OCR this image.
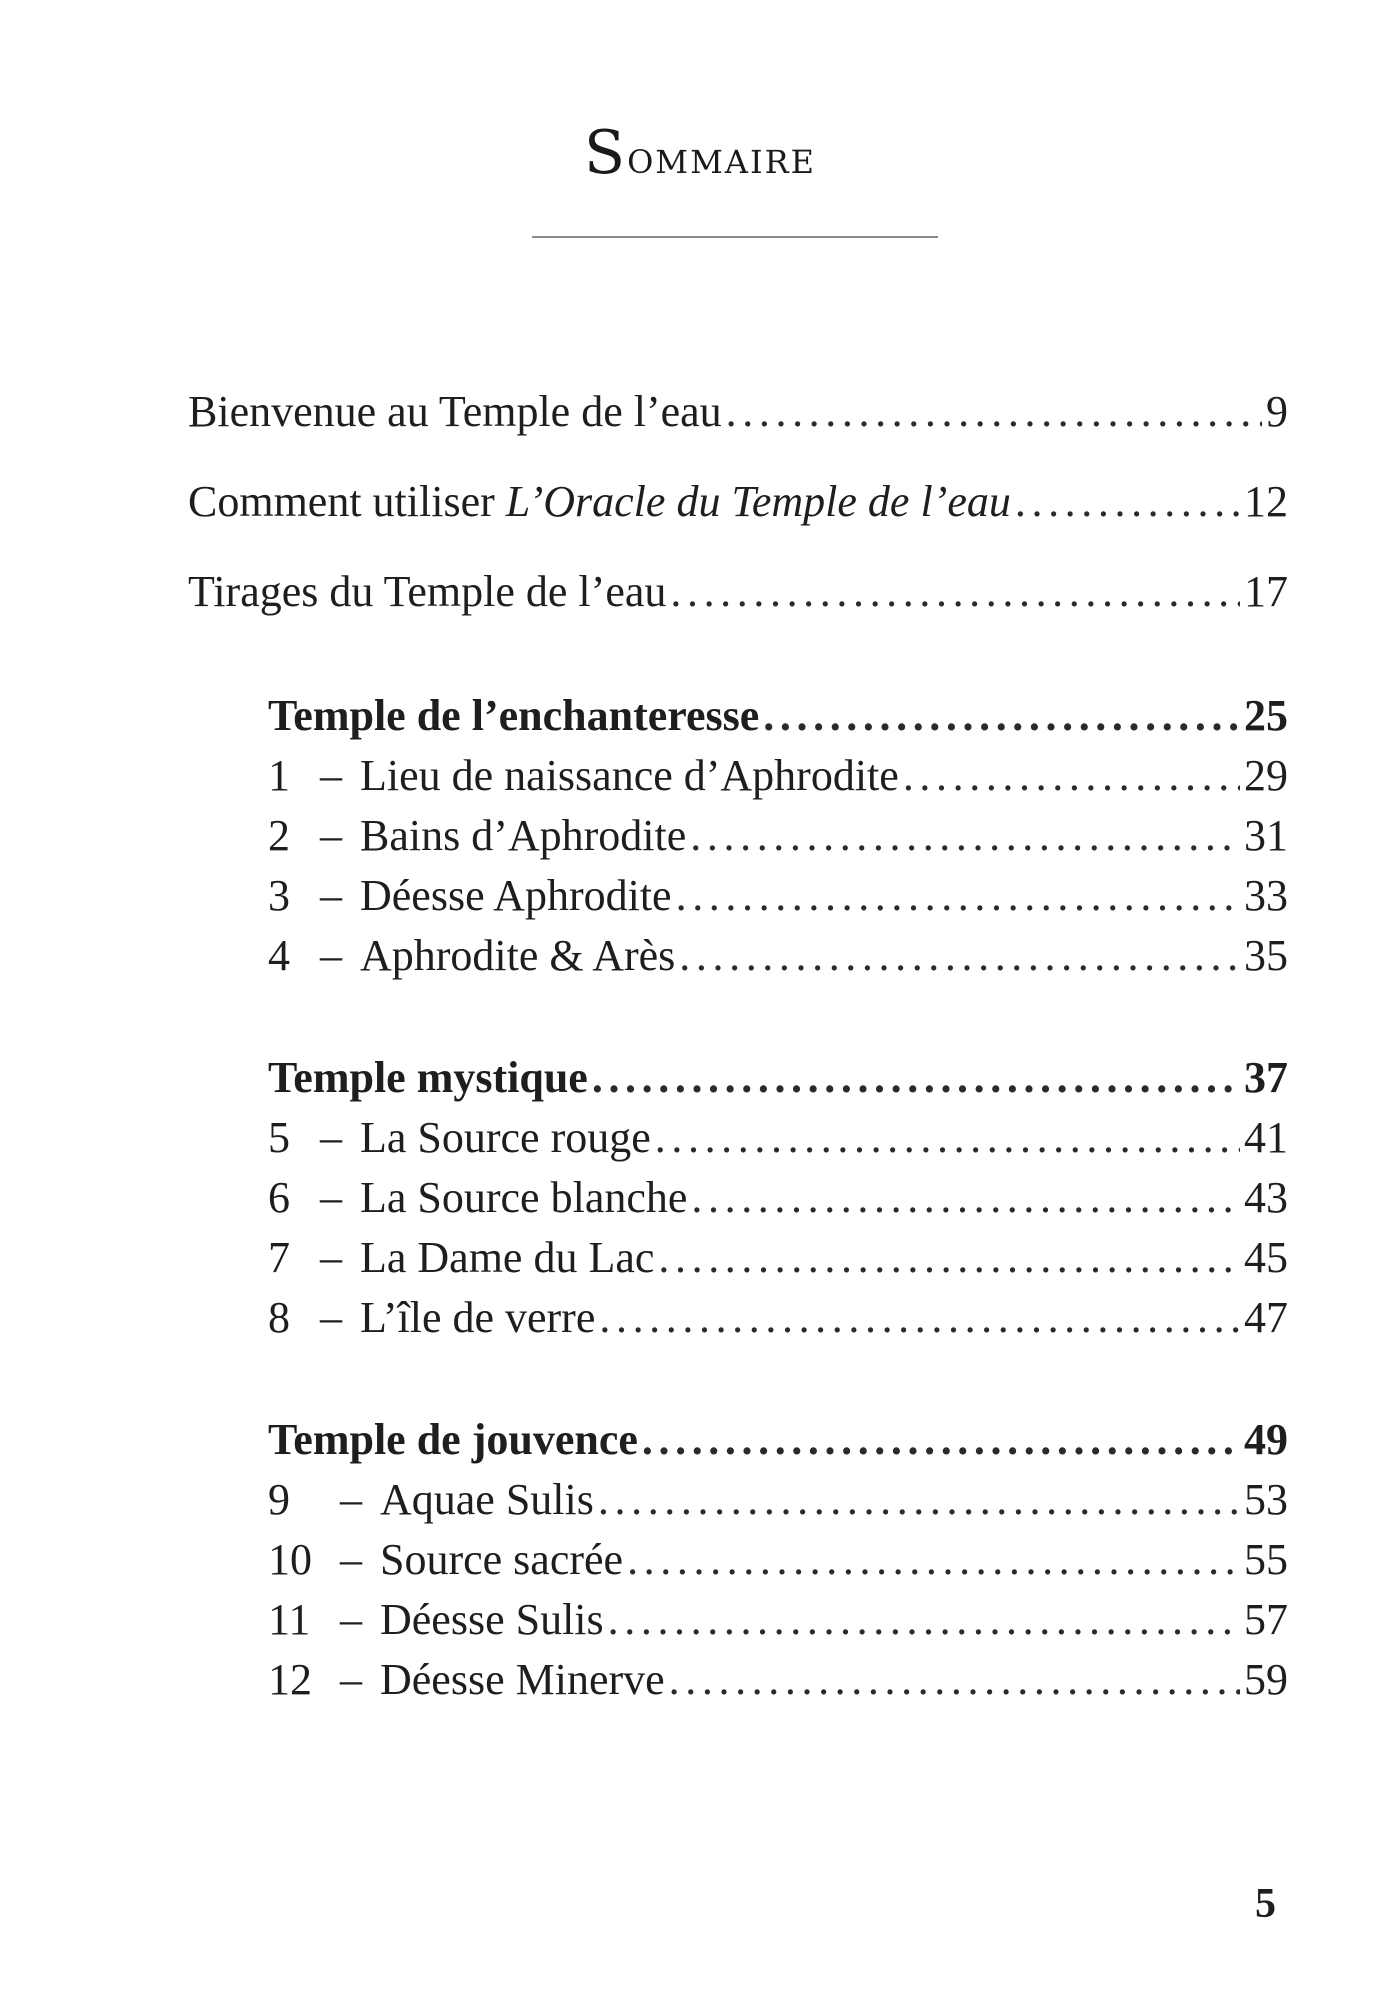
Sommaire
Bienvenue au Temple de l’eau . . .	9
Comment utiliser L’Oracle du Temple de l’eau . . .	12
Tirages du Temple de l’eau . . .	17
Temple de l’enchanteresse . . .	25
1 – Lieu de naissance d’Aphrodite . . .	29
2 – Bains d’Aphrodite . . .	31
3 – Déesse Aphrodite . . .	33
4 – Aphrodite & Arès . . .	35
Temple mystique . . .	37
5 – La Source rouge . . .	41
6 – La Source blanche . . .	43
7 – La Dame du Lac . . .	45
8 – L’île de verre . . .	47
Temple de jouvence . . .	49
9 – Aquae Sulis . . .	53
10 – Source sacrée . . .	55
11 – Déesse Sulis . . .	57
12 – Déesse Minerve . . .	59
5
